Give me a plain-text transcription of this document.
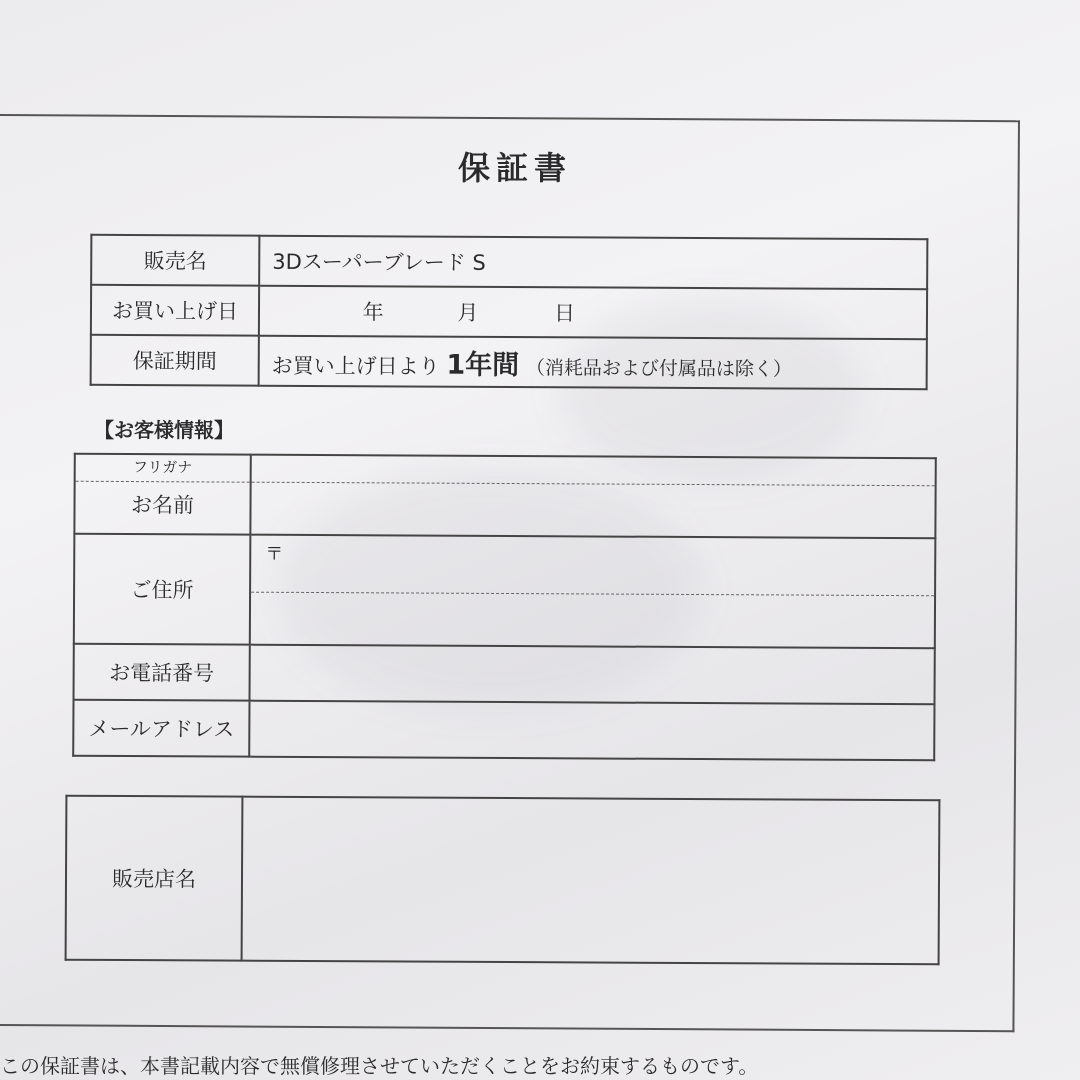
保証書
販売名	3Dスーパーブレード S
お買い上げ日	年 月 日
保証期間	お買い上げ日より 1年間 （消耗品および付属品は除く）
【お客様情報】
フリガナ
お名前	

ご住所	〒

お電話番号	
メールアドレス	
販売店名	
この保証書は、本書記載内容で無償修理させていただくことをお約束するものです。
